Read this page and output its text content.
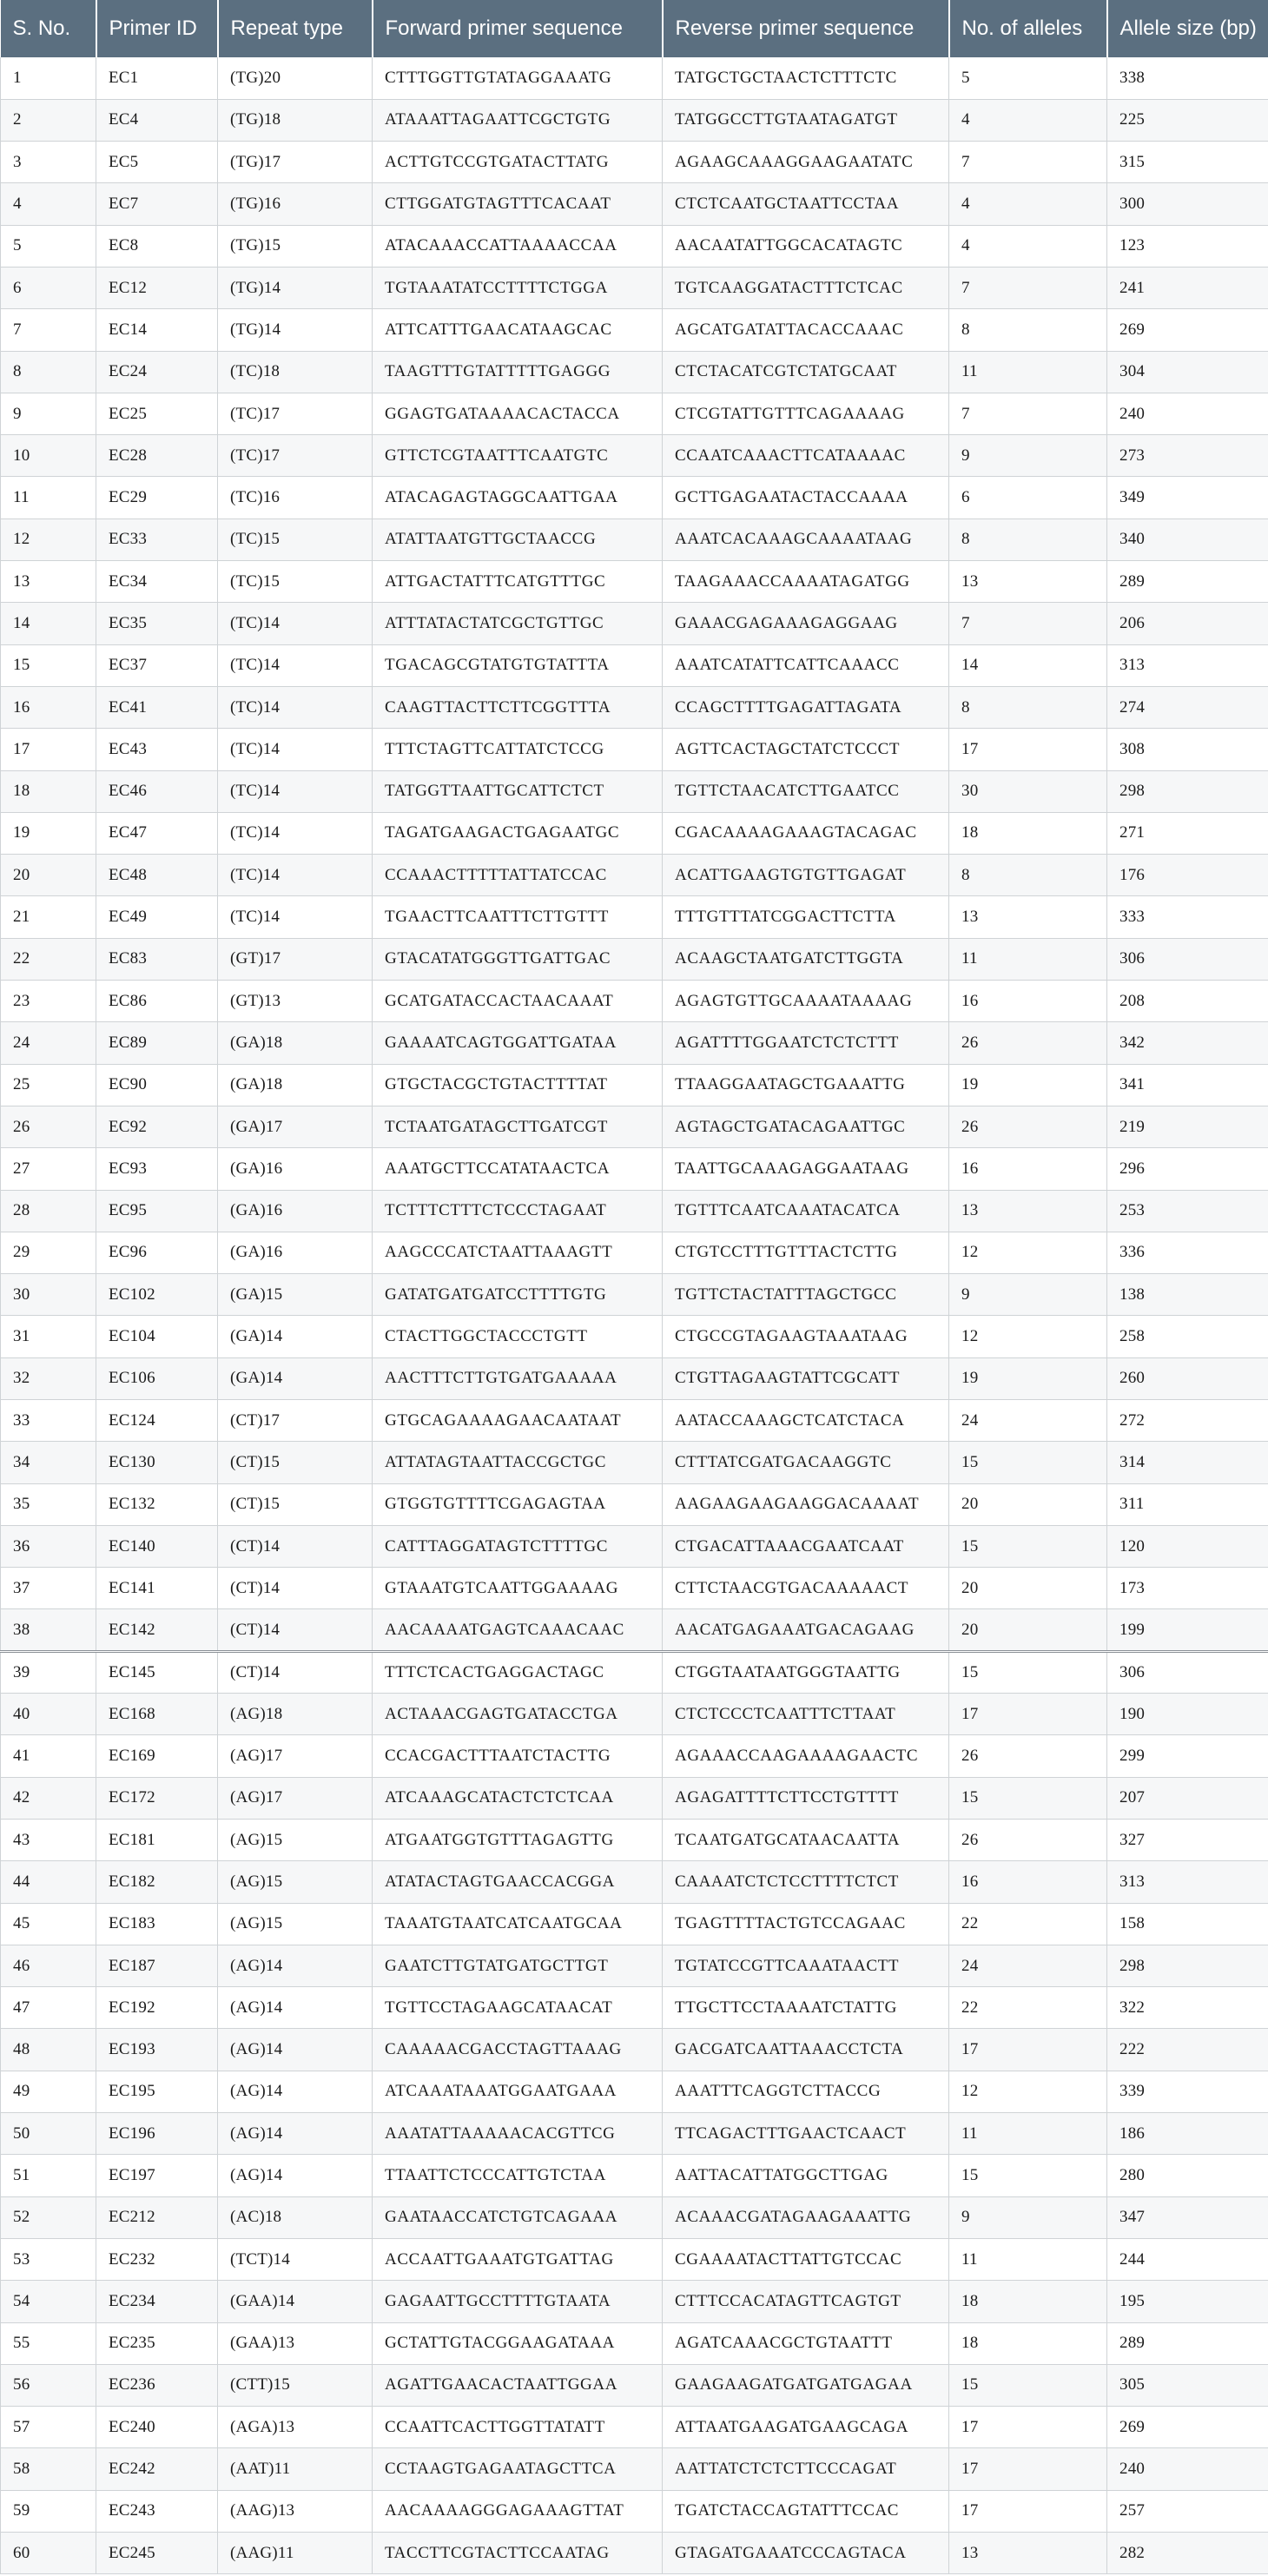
S. No.	Primer ID	Repeat type	Forward primer sequence	Reverse primer sequence	No. of alleles	Allele size (bp)
1	EC1	(TG)20	CTTTGGTTGTATAGGAAATG	TATGCTGCTAACTCTTTCTC	5	338
2	EC4	(TG)18	ATAAATTAGAATTCGCTGTG	TATGGCCTTGTAATAGATGT	4	225
3	EC5	(TG)17	ACTTGTCCGTGATACTTATG	AGAAGCAAAGGAAGAATATC	7	315
4	EC7	(TG)16	CTTGGATGTAGTTTCACAAT	CTCTCAATGCTAATTCCTAA	4	300
5	EC8	(TG)15	ATACAAACCATTAAAACCAA	AACAATATTGGCACATAGTC	4	123
6	EC12	(TG)14	TGTAAATATCCTTTTCTGGA	TGTCAAGGATACTTTCTCAC	7	241
7	EC14	(TG)14	ATTCATTTGAACATAAGCAC	AGCATGATATTACACCAAAC	8	269
8	EC24	(TC)18	TAAGTTTGTATTTTTGAGGG	CTCTACATCGTCTATGCAAT	11	304
9	EC25	(TC)17	GGAGTGATAAAACACTACCA	CTCGTATTGTTTCAGAAAAG	7	240
10	EC28	(TC)17	GTTCTCGTAATTTCAATGTC	CCAATCAAACTTCATAAAAC	9	273
11	EC29	(TC)16	ATACAGAGTAGGCAATTGAA	GCTTGAGAATACTACCAAAA	6	349
12	EC33	(TC)15	ATATTAATGTTGCTAACCG	AAATCACAAAGCAAAATAAG	8	340
13	EC34	(TC)15	ATTGACTATTTCATGTTTGC	TAAGAAACCAAAATAGATGG	13	289
14	EC35	(TC)14	ATTTATACTATCGCTGTTGC	GAAACGAGAAAGAGGAAG	7	206
15	EC37	(TC)14	TGACAGCGTATGTGTATTTA	AAATCATATTCATTCAAACC	14	313
16	EC41	(TC)14	CAAGTTACTTCTTCGGTTTA	CCAGCTTTTGAGATTAGATA	8	274
17	EC43	(TC)14	TTTCTAGTTCATTATCTCCG	AGTTCACTAGCTATCTCCCT	17	308
18	EC46	(TC)14	TATGGTTAATTGCATTCTCT	TGTTCTAACATCTTGAATCC	30	298
19	EC47	(TC)14	TAGATGAAGACTGAGAATGC	CGACAAAAGAAAGTACAGAC	18	271
20	EC48	(TC)14	CCAAACTTTTTATTATCCAC	ACATTGAAGTGTGTTGAGAT	8	176
21	EC49	(TC)14	TGAACTTCAATTTCTTGTTT	TTTGTTTATCGGACTTCTTA	13	333
22	EC83	(GT)17	GTACATATGGGTTGATTGAC	ACAAGCTAATGATCTTGGTA	11	306
23	EC86	(GT)13	GCATGATACCACTAACAAAT	AGAGTGTTGCAAAATAAAAG	16	208
24	EC89	(GA)18	GAAAATCAGTGGATTGATAA	AGATTTTGGAATCTCTCTTT	26	342
25	EC90	(GA)18	GTGCTACGCTGTACTTTTAT	TTAAGGAATAGCTGAAATTG	19	341
26	EC92	(GA)17	TCTAATGATAGCTTGATCGT	AGTAGCTGATACAGAATTGC	26	219
27	EC93	(GA)16	AAATGCTTCCATATAACTCA	TAATTGCAAAGAGGAATAAG	16	296
28	EC95	(GA)16	TCTTTCTTTCTCCCTAGAAT	TGTTTCAATCAAATACATCA	13	253
29	EC96	(GA)16	AAGCCCATCTAATTAAAGTT	CTGTCCTTTGTTTACTCTTG	12	336
30	EC102	(GA)15	GATATGATGATCCTTTTGTG	TGTTCTACTATTTAGCTGCC	9	138
31	EC104	(GA)14	CTACTTGGCTACCCTGTT	CTGCCGTAGAAGTAAATAAG	12	258
32	EC106	(GA)14	AACTTTCTTGTGATGAAAAA	CTGTTAGAAGTATTCGCATT	19	260
33	EC124	(CT)17	GTGCAGAAAAGAACAATAAT	AATACCAAAGCTCATCTACA	24	272
34	EC130	(CT)15	ATTATAGTAATTACCGCTGC	CTTTATCGATGACAAGGTC	15	314
35	EC132	(CT)15	GTGGTGTTTTCGAGAGTAA	AAGAAGAAGAAGGACAAAAT	20	311
36	EC140	(CT)14	CATTTAGGATAGTCTTTTGC	CTGACATTAAACGAATCAAT	15	120
37	EC141	(CT)14	GTAAATGTCAATTGGAAAAG	CTTCTAACGTGACAAAAACT	20	173
38	EC142	(CT)14	AACAAAATGAGTCAAACAAC	AACATGAGAAATGACAGAAG	20	199
39	EC145	(CT)14	TTTCTCACTGAGGACTAGC	CTGGTAATAATGGGTAATTG	15	306
40	EC168	(AG)18	ACTAAACGAGTGATACCTGA	CTCTCCCTCAATTTCTTAAT	17	190
41	EC169	(AG)17	CCACGACTTTAATCTACTTG	AGAAACCAAGAAAAGAACTC	26	299
42	EC172	(AG)17	ATCAAAGCATACTCTCTCAA	AGAGATTTTCTTCCTGTTTT	15	207
43	EC181	(AG)15	ATGAATGGTGTTTAGAGTTG	TCAATGATGCATAACAATTA	26	327
44	EC182	(AG)15	ATATACTAGTGAACCACGGA	CAAAATCTCTCCTTTTCTCT	16	313
45	EC183	(AG)15	TAAATGTAATCATCAATGCAA	TGAGTTTTACTGTCCAGAAC	22	158
46	EC187	(AG)14	GAATCTTGTATGATGCTTGT	TGTATCCGTTCAAATAACTT	24	298
47	EC192	(AG)14	TGTTCCTAGAAGCATAACAT	TTGCTTCCTAAAATCTATTG	22	322
48	EC193	(AG)14	CAAAAACGACCTAGTTAAAG	GACGATCAATTAAACCTCTA	17	222
49	EC195	(AG)14	ATCAAATAAATGGAATGAAA	AAATTTCAGGTCTTACCG	12	339
50	EC196	(AG)14	AAATATTAAAAACACGTTCG	TTCAGACTTTGAACTCAACT	11	186
51	EC197	(AG)14	TTAATTCTCCCATTGTCTAA	AATTACATTATGGCTTGAG	15	280
52	EC212	(AC)18	GAATAACCATCTGTCAGAAA	ACAAACGATAGAAGAAATTG	9	347
53	EC232	(TCT)14	ACCAATTGAAATGTGATTAG	CGAAAATACTTATTGTCCAC	11	244
54	EC234	(GAA)14	GAGAATTGCCTTTTGTAATA	CTTTCCACATAGTTCAGTGT	18	195
55	EC235	(GAA)13	GCTATTGTACGGAAGATAAA	AGATCAAACGCTGTAATTT	18	289
56	EC236	(CTT)15	AGATTGAACACTAATTGGAA	GAAGAAGATGATGATGAGAA	15	305
57	EC240	(AGA)13	CCAATTCACTTGGTTATATT	ATTAATGAAGATGAAGCAGA	17	269
58	EC242	(AAT)11	CCTAAGTGAGAATAGCTTCA	AATTATCTCTCTTCCCAGAT	17	240
59	EC243	(AAG)13	AACAAAAGGGAGAAAGTTAT	TGATCTACCAGTATTTCCAC	17	257
60	EC245	(AAG)11	TACCTTCGTACTTCCAATAG	GTAGATGAAATCCCAGTACA	13	282
